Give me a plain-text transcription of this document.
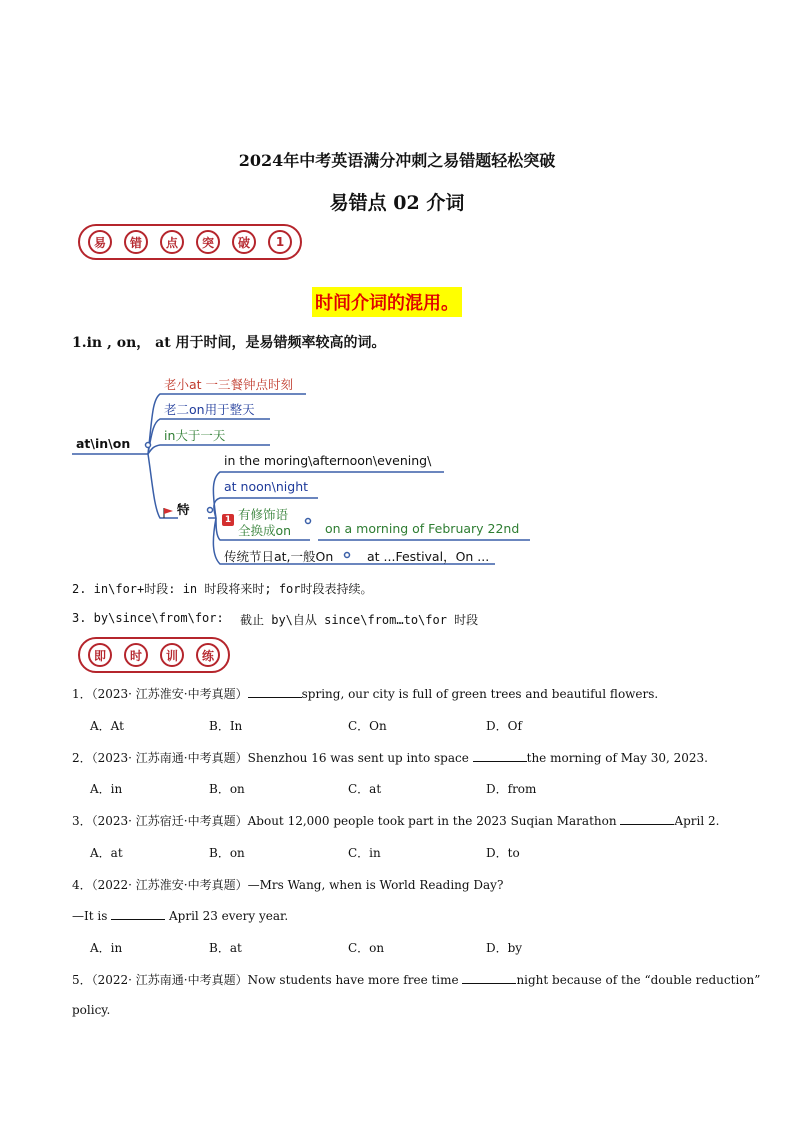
2024年中考英语满分冲刺之易错题轻松突破
易错点 02 介词
易	错	点	突	破	1
时间介词的混用。
1.in , on， at 用于时间，是易错频率较高的词。
at\in\on
老小at 一三餐钟点时刻
老二on用于整天
in大于一天
特
in the moring\afternoon\evening\
at noon\night
1 有修饰语
全换成on	on a morning of February 22nd
传统节日at,一般On	at ...Festival，On ...
2. in\for+时段: in 时段将来时; for时段表持续。
3. by\since\from\for: 截止 by\自从 since\from…to\for 时段
即	时	训	练
1．（2023· 江苏淮安·中考真题）	spring, our city is full of green trees and beautiful flowers.
A．At	B．In	C．On	D．Of
2．（2023· 江苏南通·中考真题）Shenzhou 16 was sent up into space	the morning of May 30, 2023.
A．in	B．on	C．at	D．from
3．（2023· 江苏宿迁·中考真题）About 12,000 people took part in the 2023 Suqian Marathon	April 2.
A．at	B．on	C．in	D．to
4．（2022· 江苏淮安·中考真题）—Mrs Wang, when is World Reading Day?
—It is	April 23 every year.
A．in	B．at	C．on	D．by
5．（2022· 江苏南通·中考真题）Now students have more free time	night because of the “double reduction”
policy.
